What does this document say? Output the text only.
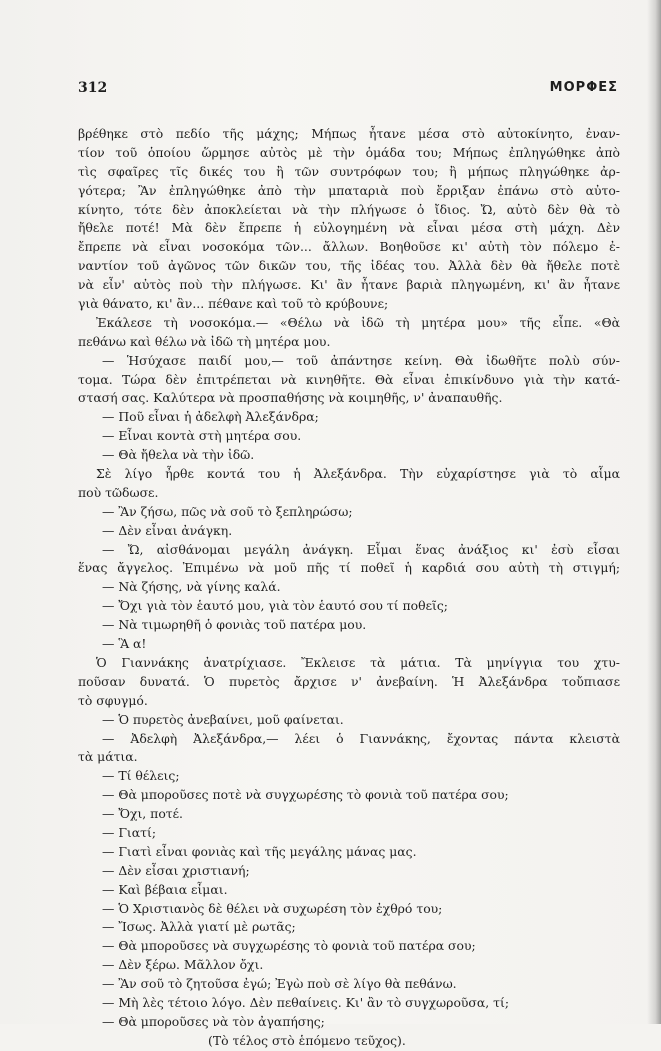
312	ΜΟΡΦΕΣ
βρέθηκε στὸ πεδίο τῆς μάχης; Μήπως ἦτανε μέσα στὸ αὐτοκίνητο, ἐναν-
τίον τοῦ ὁποίου ὥρμησε αὐτὸς μὲ τὴν ὁμάδα του; Μήπως ἐπληγώθηκε ἀπὸ
τὶς σφαῖρες τῖς δικές του ἢ τῶν συντρόφων του; ἢ μήπως πληγώθηκε ἀρ-
γότερα; Ἂν ἐπληγώθηκε ἀπὸ τὴν μπαταριὰ ποὺ ἔρριξαν ἐπάνω στὸ αὐτο-
κίνητο, τότε δὲν ἀποκλείεται νὰ τὴν πλήγωσε ὁ ἴδιος. Ὤ, αὐτὸ δὲν θὰ τὸ
ἤθελε ποτέ! Μὰ δὲν ἔπρεπε ἡ εὐλογημένη νὰ εἶναι μέσα στὴ μάχη. Δὲν
ἔπρεπε νὰ εἶναι νοσοκόμα τῶν... ἄλλων. Βοηθοῦσε κι' αὐτὴ τὸν πόλεμο ἐ-
ναντίον τοῦ ἀγῶνος τῶν δικῶν του, τῆς ἰδέας του. Ἀλλὰ δὲν θὰ ἤθελε ποτὲ
νὰ εἶν' αὐτὸς ποὺ τὴν πλήγωσε. Κι' ἂν ἦτανε βαριὰ πληγωμένη, κι' ἂν ἦτανε
γιὰ θάνατο, κι' ἂν... πέθανε καὶ τοῦ τὸ κρύβουνε;
Ἐκάλεσε τὴ νοσοκόμα.— «Θέλω νὰ ἰδῶ τὴ μητέρα μου» τῆς εἶπε. «Θὰ
πεθάνω καὶ θέλω νὰ ἰδῶ τὴ μητέρα μου.
— Ἡσύχασε παιδί μου,— τοῦ ἀπάντησε κείνη. Θὰ ἰδωθῆτε πολὺ σύν-
τομα. Τώρα δὲν ἐπιτρέπεται νὰ κινηθῆτε. Θὰ εἶναι ἐπικίνδυνο γιὰ τὴν κατά-
στασή σας. Καλύτερα νὰ προσπαθήσης νὰ κοιμηθῆς, ν' ἀναπαυθῆς.
— Ποῦ εἶναι ἡ ἀδελφὴ Ἀλεξάνδρα;
— Εἶναι κοντὰ στὴ μητέρα σου.
— Θὰ ἤθελα νὰ τὴν ἰδῶ.
Σὲ λίγο ἦρθε κοντά του ἡ Ἀλεξάνδρα. Τὴν εὐχαρίστησε γιὰ τὸ αἷμα
ποὺ τῶδωσε.
— Ἂν ζήσω, πῶς νὰ σοῦ τὸ ξεπληρώσω;
— Δὲν εἶναι ἀνάγκη.
— Ὤ, αἰσθάνομαι μεγάλη ἀνάγκη. Εἶμαι ἕνας ἀνάξιος κι' ἐσὺ εἶσαι
ἕνας ἄγγελος. Ἐπιμένω νὰ μοῦ πῆς τί ποθεῖ ἡ καρδιά σου αὐτὴ τὴ στιγμή;
— Νὰ ζήσης, νὰ γίνης καλά.
— Ὄχι γιὰ τὸν ἑαυτό μου, γιὰ τὸν ἑαυτό σου τί ποθεῖς;
— Νὰ τιμωρηθῆ ὁ φονιὰς τοῦ πατέρα μου.
— Ἃ α!
Ὁ Γιαννάκης ἀνατρίχιασε. Ἔκλεισε τὰ μάτια. Τὰ μηνίγγια του χτυ-
ποῦσαν δυνατά. Ὁ πυρετὸς ἄρχισε ν' ἀνεβαίνη. Ἡ Ἀλεξάνδρα τοὔπιασε
τὸ σφυγμό.
— Ὁ πυρετὸς ἀνεβαίνει, μοῦ φαίνεται.
— Ἀδελφὴ Ἀλεξάνδρα,— λέει ὁ Γιαννάκης, ἔχοντας πάντα κλειστὰ
τὰ μάτια.
— Τί θέλεις;
— Θὰ μποροῦσες ποτὲ νὰ συγχωρέσης τὸ φονιὰ τοῦ πατέρα σου;
— Ὄχι, ποτέ.
— Γιατί;
— Γιατὶ εἶναι φονιὰς καὶ τῆς μεγάλης μάνας μας.
— Δὲν εἶσαι χριστιανή;
— Καὶ βέβαια εἶμαι.
— Ὁ Χριστιανὸς δὲ θέλει νὰ συχωρέση τὸν ἐχθρό του;
— Ἴσως. Ἀλλὰ γιατί μὲ ρωτᾶς;
— Θὰ μποροῦσες νὰ συγχωρέσης τὸ φονιὰ τοῦ πατέρα σου;
— Δὲν ξέρω. Μᾶλλον ὄχι.
— Ἂν σοῦ τὸ ζητοῦσα ἐγώ; Ἐγὼ ποὺ σὲ λίγο θὰ πεθάνω.
— Μὴ λὲς τέτοιο λόγο. Δὲν πεθαίνεις. Κι' ἂν τὸ συγχωροῦσα, τί;
— Θὰ μποροῦσες νὰ τὸν ἀγαπήσης;
(Τὸ τέλος στὸ ἑπόμενο τεῦχος).
